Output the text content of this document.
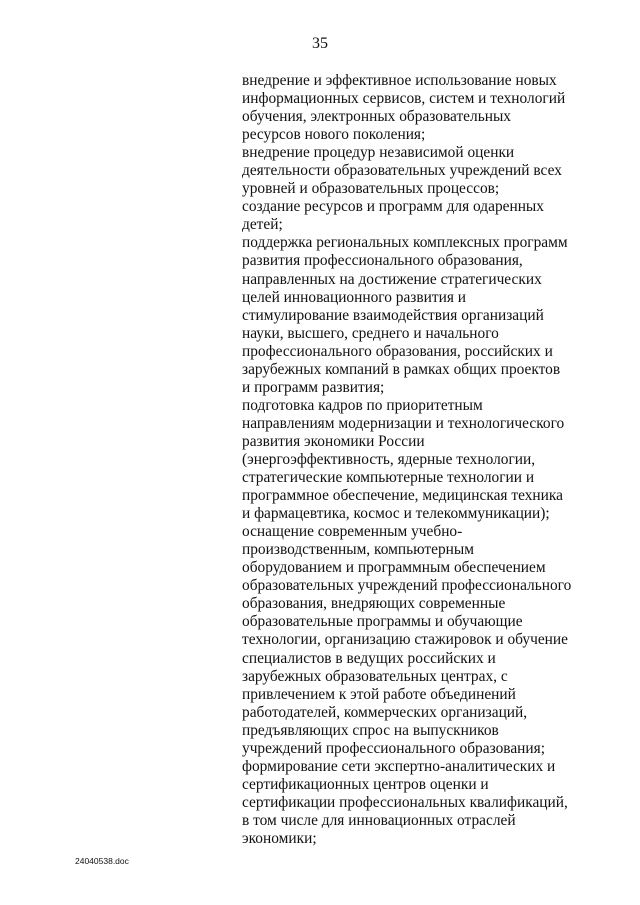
35
внедрение и эффективное использование новых
информационных сервисов, систем и технологий
обучения, электронных образовательных
ресурсов нового поколения;
внедрение процедур независимой оценки
деятельности образовательных учреждений всех
уровней и образовательных процессов;
создание ресурсов и программ для одаренных
детей;
поддержка региональных комплексных программ
развития профессионального образования,
направленных на достижение стратегических
целей инновационного развития и
стимулирование взаимодействия организаций
науки, высшего, среднего и начального
профессионального образования, российских и
зарубежных компаний в рамках общих проектов
и программ развития;
подготовка кадров по приоритетным
направлениям модернизации и технологического
развития экономики России
(энергоэффективность, ядерные технологии,
стратегические компьютерные технологии и
программное обеспечение, медицинская техника
и фармацевтика, космос и телекоммуникации);
оснащение современным учебно-
производственным, компьютерным
оборудованием и программным обеспечением
образовательных учреждений профессионального
образования, внедряющих современные
образовательные программы и обучающие
технологии, организацию стажировок и обучение
специалистов в ведущих российских и
зарубежных образовательных центрах, с
привлечением к этой работе объединений
работодателей, коммерческих организаций,
предъявляющих спрос на выпускников
учреждений профессионального образования;
формирование сети экспертно-аналитических и
сертификационных центров оценки и
сертификации профессиональных квалификаций,
в том числе для инновационных отраслей
экономики;
24040538.doc
